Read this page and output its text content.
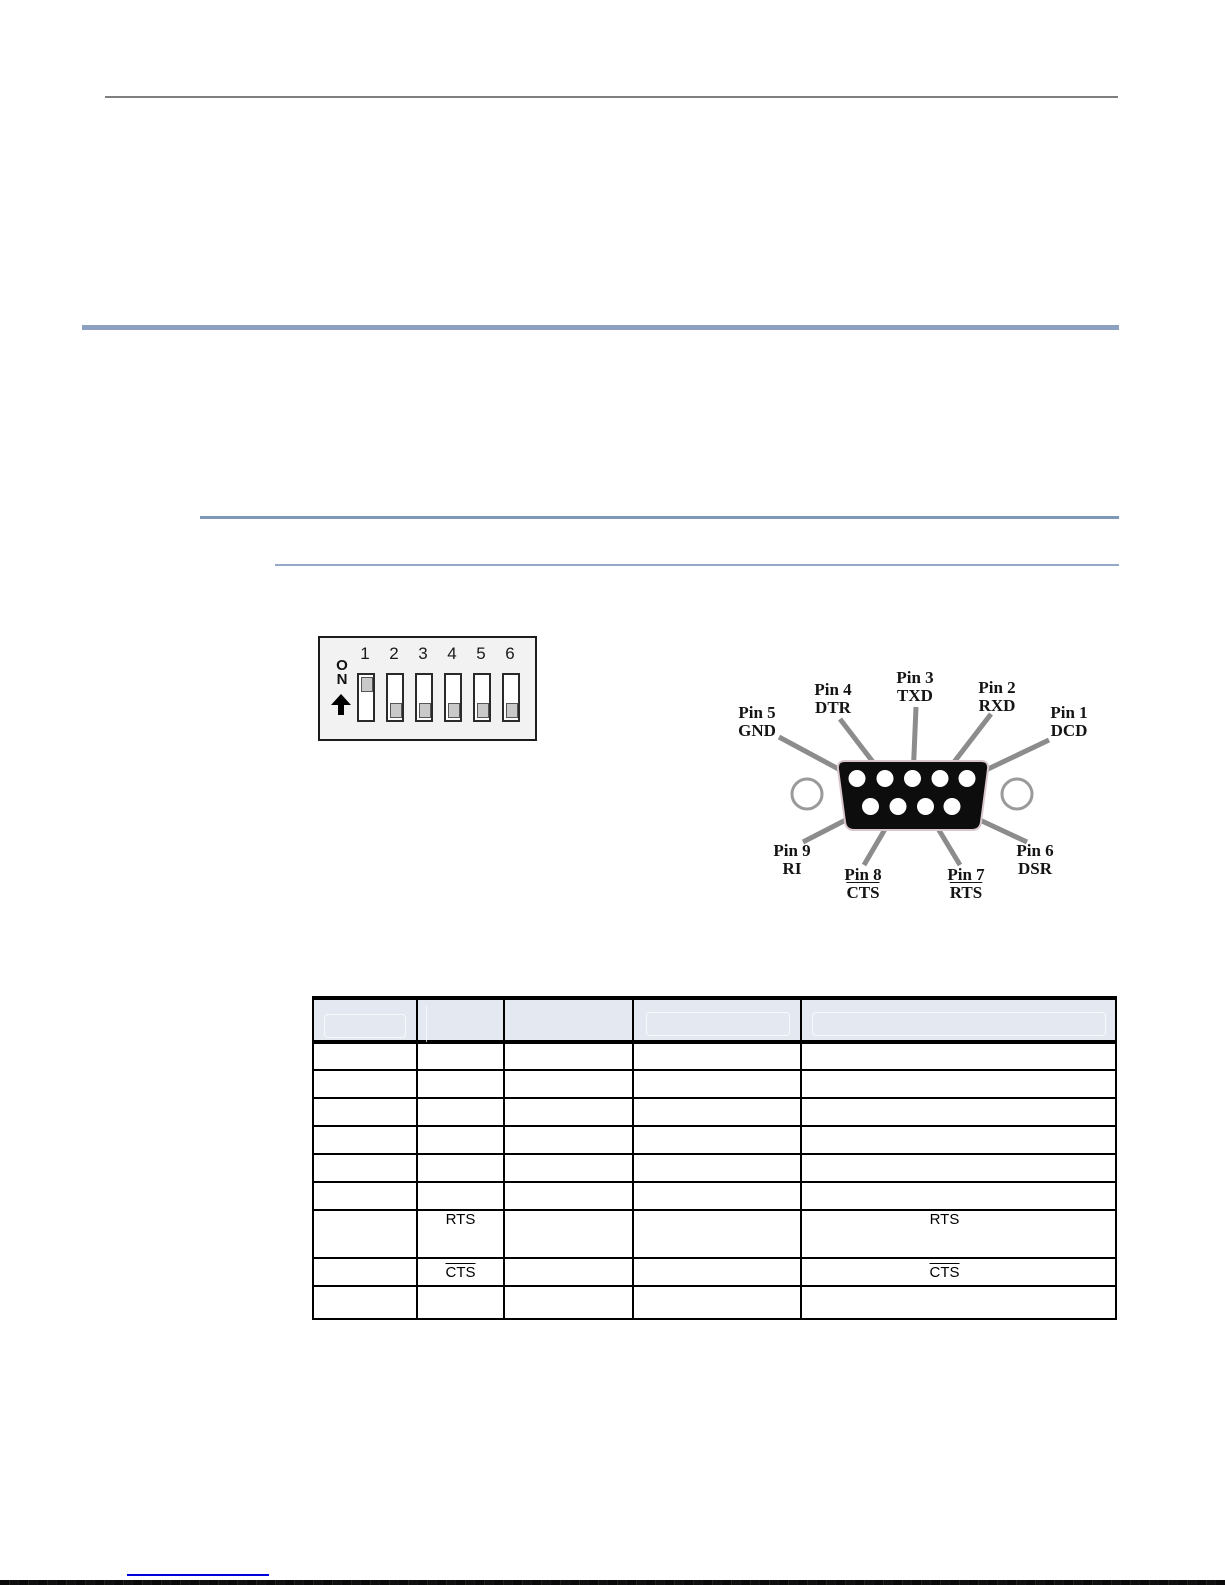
O
N
1	2	3	4	5	6
Pin 5
GND
Pin 4
DTR
Pin 3
TXD	Pin 2
RXD	Pin 1
DCD
Pin 9
RI	Pin 8
$\overline{CTS}$
Pin 7
$\overline{RTS}$
Pin 6
DSR

	$\overline{RTS}$			$\overline{RTS}$
	$\overline{CTS}$			$\overline{CTS}$
